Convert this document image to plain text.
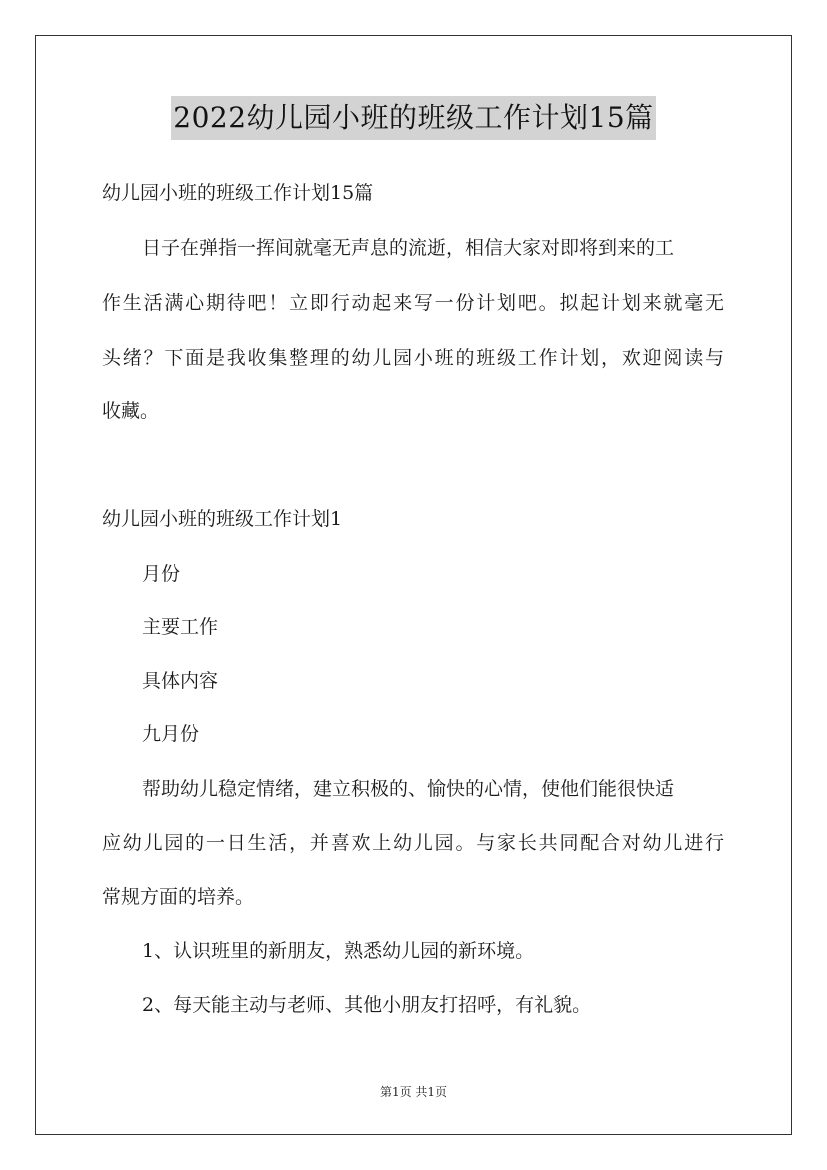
2022幼儿园小班的班级工作计划15篇
幼儿园小班的班级工作计划15篇
日子在弹指一挥间就毫无声息的流逝，相信大家对即将到来的工
作生活满心期待吧！立即行动起来写一份计划吧。拟起计划来就毫无
头绪？下面是我收集整理的幼儿园小班的班级工作计划，欢迎阅读与
收藏。
幼儿园小班的班级工作计划1
月份
主要工作
具体内容
九月份
帮助幼儿稳定情绪，建立积极的、愉快的心情，使他们能很快适
应幼儿园的一日生活，并喜欢上幼儿园。与家长共同配合对幼儿进行
常规方面的培养。
1、认识班里的新朋友，熟悉幼儿园的新环境。
2、每天能主动与老师、其他小朋友打招呼，有礼貌。
第1页 共1页
